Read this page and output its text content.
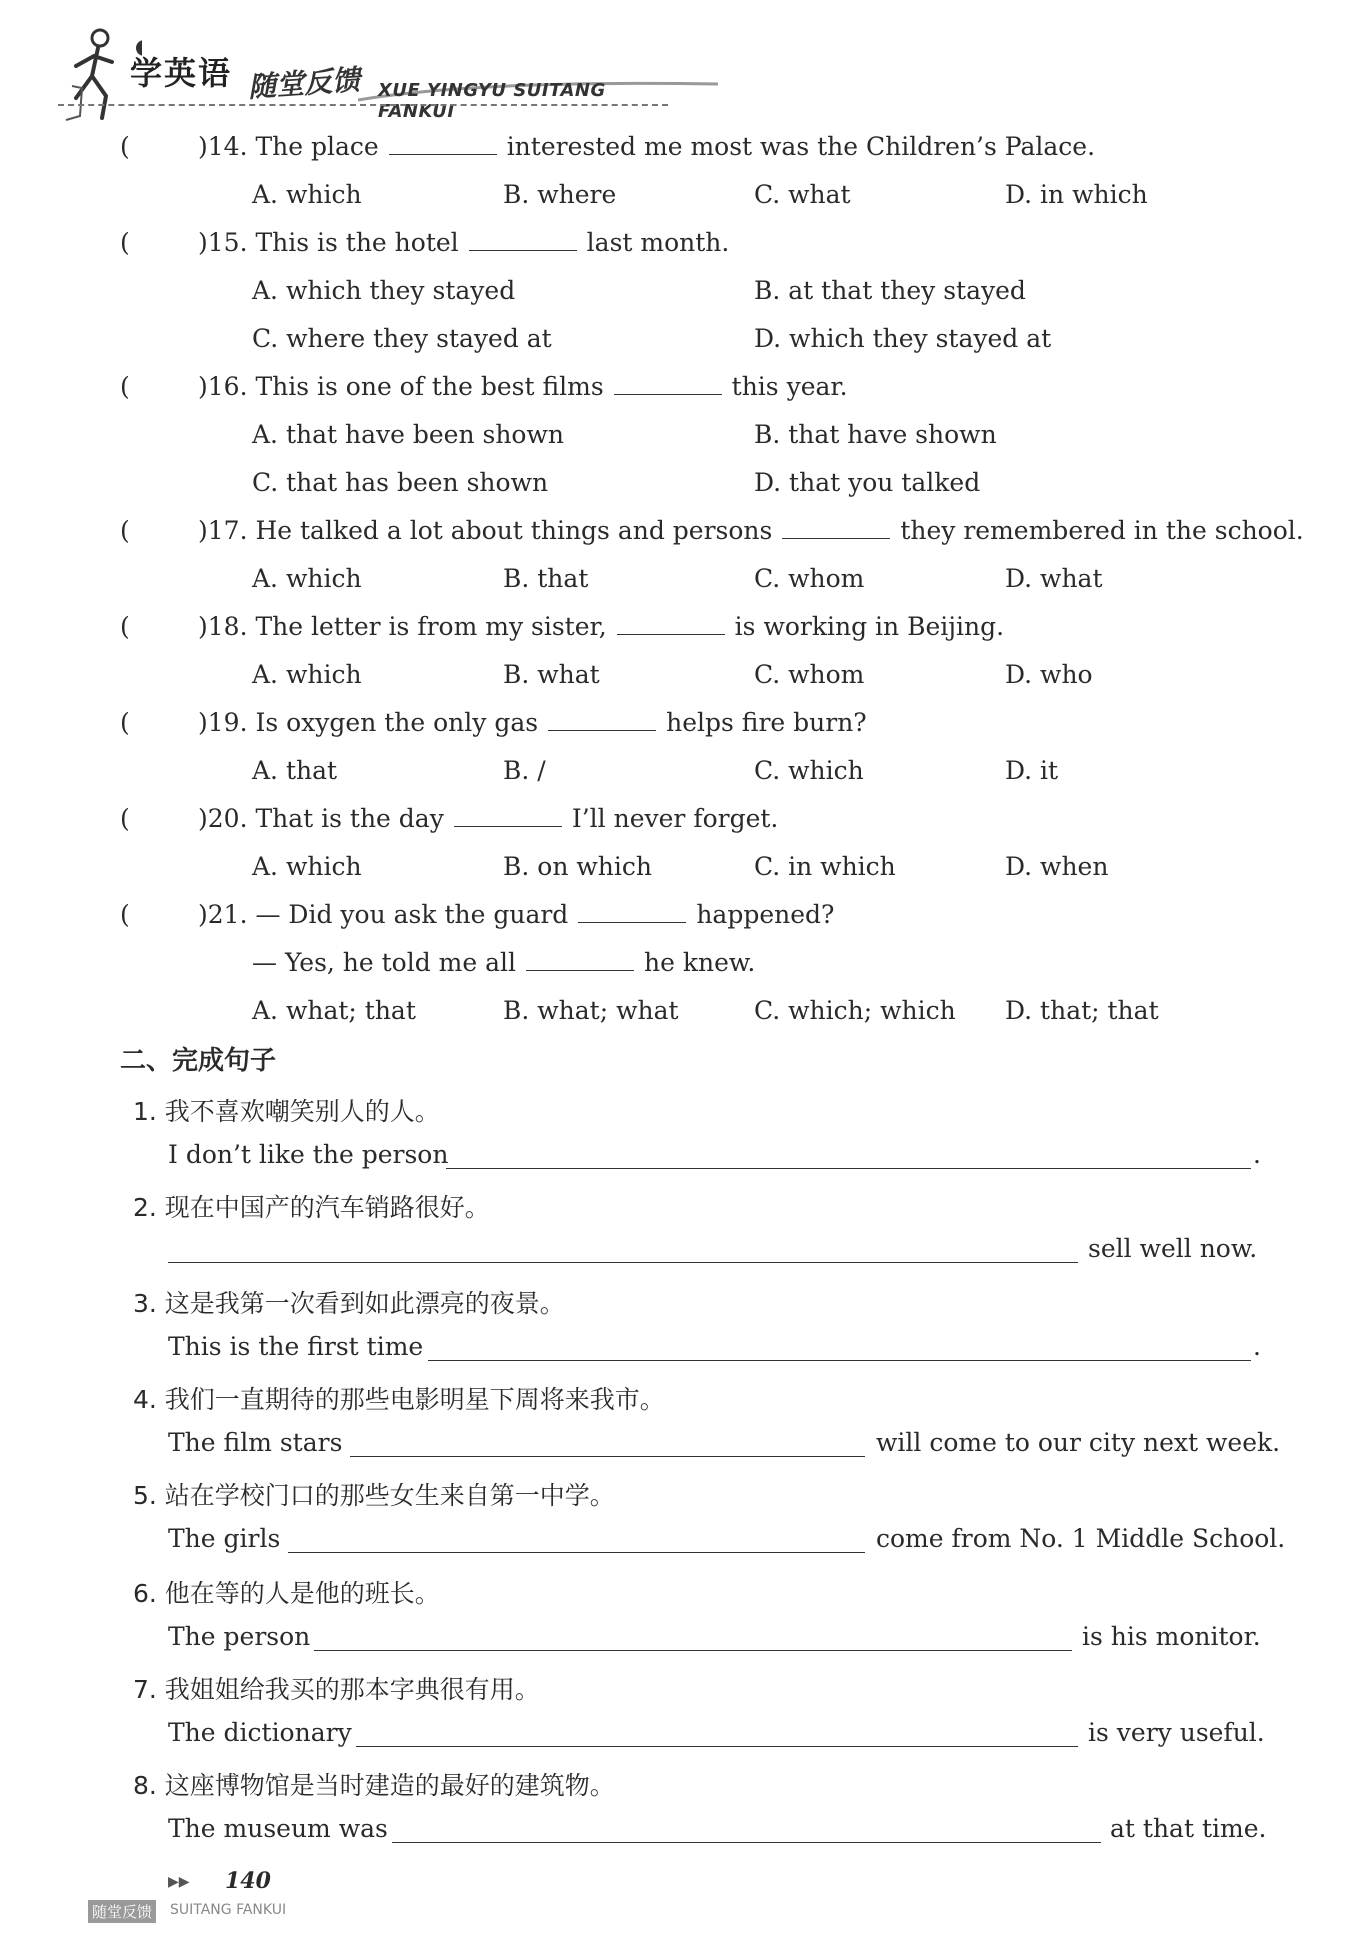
学英语 随堂反馈 XUE YINGYU SUITANG FANKUI
(	)14. The place	interested me most was the Children’s Palace.
A. which	B. where	C. what	D. in which
(	)15. This is the hotel	last month.
A. which they stayed	B. at that they stayed
C. where they stayed at	D. which they stayed at
(	)16. This is one of the best films	this year.
A. that have been shown	B. that have shown
C. that has been shown	D. that you talked
(	)17. He talked a lot about things and persons	they remembered in the school.
A. which	B. that	C. whom	D. what
(	)18. The letter is from my sister,	is working in Beijing.
A. which	B. what	C. whom	D. who
(	)19. Is oxygen the only gas	helps fire burn?
A. that	B. /	C. which	D. it
(	)20. That is the day	I’ll never forget.
A. which	B. on which	C. in which	D. when
(	)21. — Did you ask the guard	happened?
— Yes, he told me all	he knew.
A. what; that	B. what; what	C. which; which D. that; that
二、完成句子
1. 我不喜欢嘲笑别人的人。
I don’t like the person	.
2. 现在中国产的汽车销路很好。
sell well now.
3. 这是我第一次看到如此漂亮的夜景。
This is the first time	.
4. 我们一直期待的那些电影明星下周将来我市。
The film stars	will come to our city next week.
5. 站在学校门口的那些女生来自第一中学。
The girls	come from No. 1 Middle School.
6. 他在等的人是他的班长。
The person	is his monitor.
7. 我姐姐给我买的那本字典很有用。
The dictionary	is very useful.
8. 这座博物馆是当时建造的最好的建筑物。
The museum was	at that time.
▶▶ 140
随堂反馈 SUITANG FANKUI
